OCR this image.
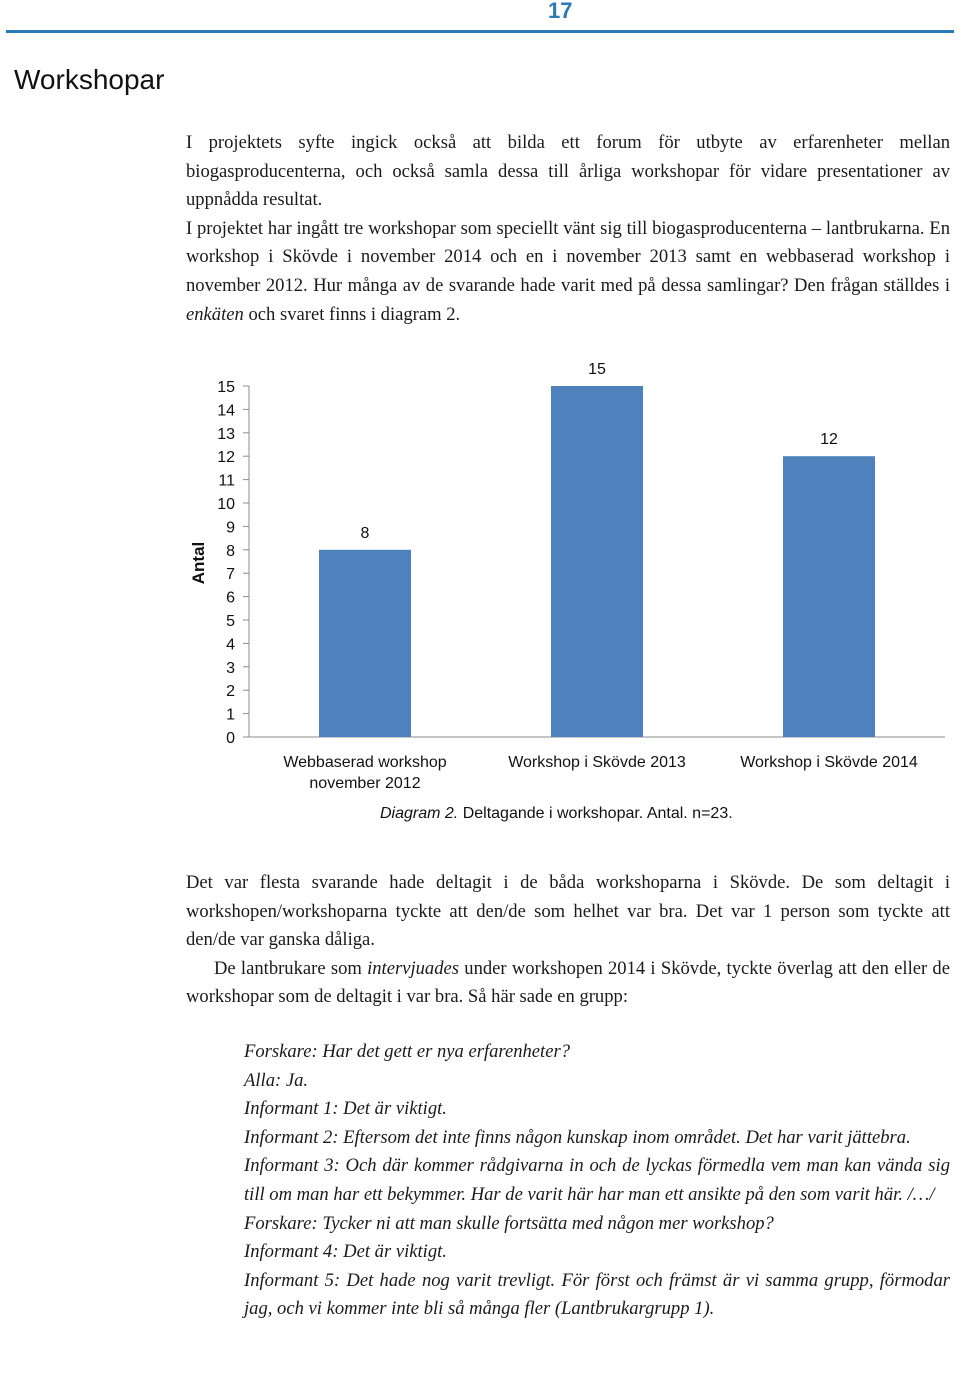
17
Workshopar

I projektets syfte ingick också att bilda ett forum för utbyte av erfarenheter mellan biogasproducenterna, och också samla dessa till årliga workshopar för vidare presentationer av uppnådda resultat.

I projektet har ingått tre workshopar som speciellt vänt sig till biogasproducenterna – lantbrukarna. En workshop i Skövde i november 2014 och en i november 2013 samt en webbaserad workshop i november 2012. Hur många av de svarande hade varit med på dessa samlingar? Den frågan ställdes i enkäten och svaret finns i diagram 2.

0
1
2
3
4
5
6
7
8
9
10
11
12
13
14
15
Antal
8
Webbaserad workshop
november 2012
15
Workshop i Skövde 2013
12
Workshop i Skövde 2014
Diagram 2. Deltagande i workshopar. Antal. n=23.

Det var flesta svarande hade deltagit i de båda workshoparna i Skövde. De som deltagit i workshopen/workshoparna tyckte att den/de som helhet var bra. Det var 1 person som tyckte att den/de var ganska dåliga.

De lantbrukare som intervjuades under workshopen 2014 i Skövde, tyckte överlag att den eller de workshopar som de deltagit i var bra. Så här sade en grupp:

Forskare: Har det gett er nya erfarenheter?

Alla: Ja.

Informant 1: Det är viktigt.

Informant 2: Eftersom det inte finns någon kunskap inom området. Det har varit jättebra.

Informant 3: Och där kommer rådgivarna in och de lyckas förmedla vem man kan vända sig till om man har ett bekymmer. Har de varit här har man ett ansikte på den som varit här. /…/

Forskare: Tycker ni att man skulle fortsätta med någon mer workshop?

Informant 4: Det är viktigt.

Informant 5: Det hade nog varit trevligt. För först och främst är vi samma grupp, förmodar jag, och vi kommer inte bli så många fler (Lantbrukargrupp 1).
